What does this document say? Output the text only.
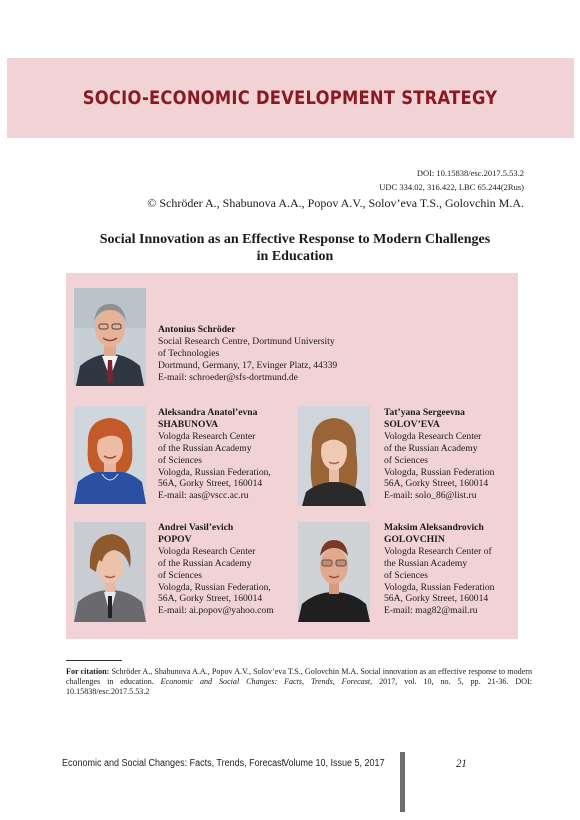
SOCIO-ECONOMIC DEVELOPMENT STRATEGY
DOI: 10.15838/esc.2017.5.53.2
UDC 334.02, 316.422, LBC 65.244(2Rus)
© Schröder A., Shabunova A.A., Popov A.V., Solov’eva T.S., Golovchin M.A.
Social Innovation as an Effective Response to Modern Challenges
in Education
Antonius Schröder
Social Research Centre, Dortmund University
of Technologies
Dortmund, Germany, 17, Evinger Platz, 44339
E-mail: schroeder@sfs-dortmund.de
Aleksandra Anatol’evna
SHABUNOVA
Vologda Research Center
of the Russian Academy
of Sciences
Vologda, Russian Federation,
56A, Gorky Street, 160014
E-mail: aas@vscc.ac.ru
Tat’yana Sergeevna
SOLOV’EVA
Vologda Research Center
of the Russian Academy
of Sciences
Vologda, Russian Federation
56A, Gorky Street, 160014
E-mail: solo_86@list.ru
Andrei Vasil’evich
POPOV
Vologda Research Center
of the Russian Academy
of Sciences
Vologda, Russian Federation,
56A, Gorky Street, 160014
E-mail: ai.popov@yahoo.com
Maksim Aleksandrovich
GOLOVCHIN
Vologda Research Center of
the Russian Academy
of Sciences
Vologda, Russian Federation
56A, Gorky Street, 160014
E-mail: mag82@mail.ru
For citation: Schröder A., Shabunova A.A., Popov A.V., Solov’eva T.S., Golovchin M.A. Social innovation as an effective response to modern challenges in education. Economic and Social Changes: Facts, Trends, Forecast, 2017, vol. 10, no. 5, pp. 21-36. DOI: 10.15838/esc.2017.5.53.2
Economic and Social Changes: Facts, Trends, Forecast
Volume 10, Issue 5, 2017	21
